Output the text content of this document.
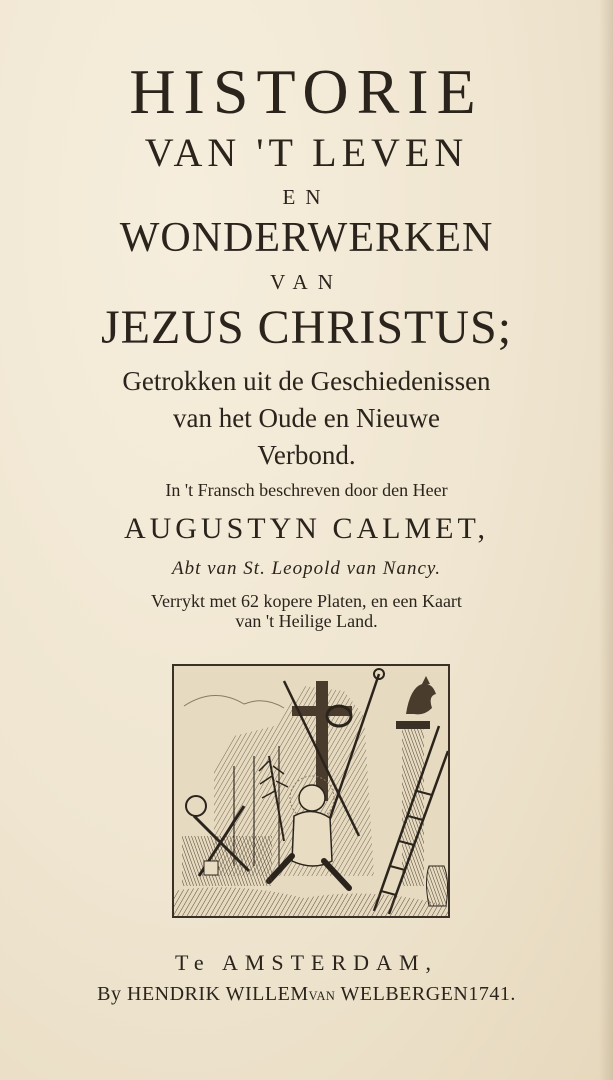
HISTORIE
VAN 'T LEVEN
EN
WONDERWERKEN
VAN
JEZUS CHRISTUS;
Getrokken uit de Geschiedenissen
van het Oude en Nieuwe
Verbond.
In 't Fransch beschreven door den Heer
AUGUSTYN CALMET,
Abt van St. Leopold van Nancy.
Verrykt met 62 kopere Platen, en een Kaart
van 't Heilige Land.
Te AMSTERDAM,
By HENDRIK WILLEMVAN WELBERGEN1741.
